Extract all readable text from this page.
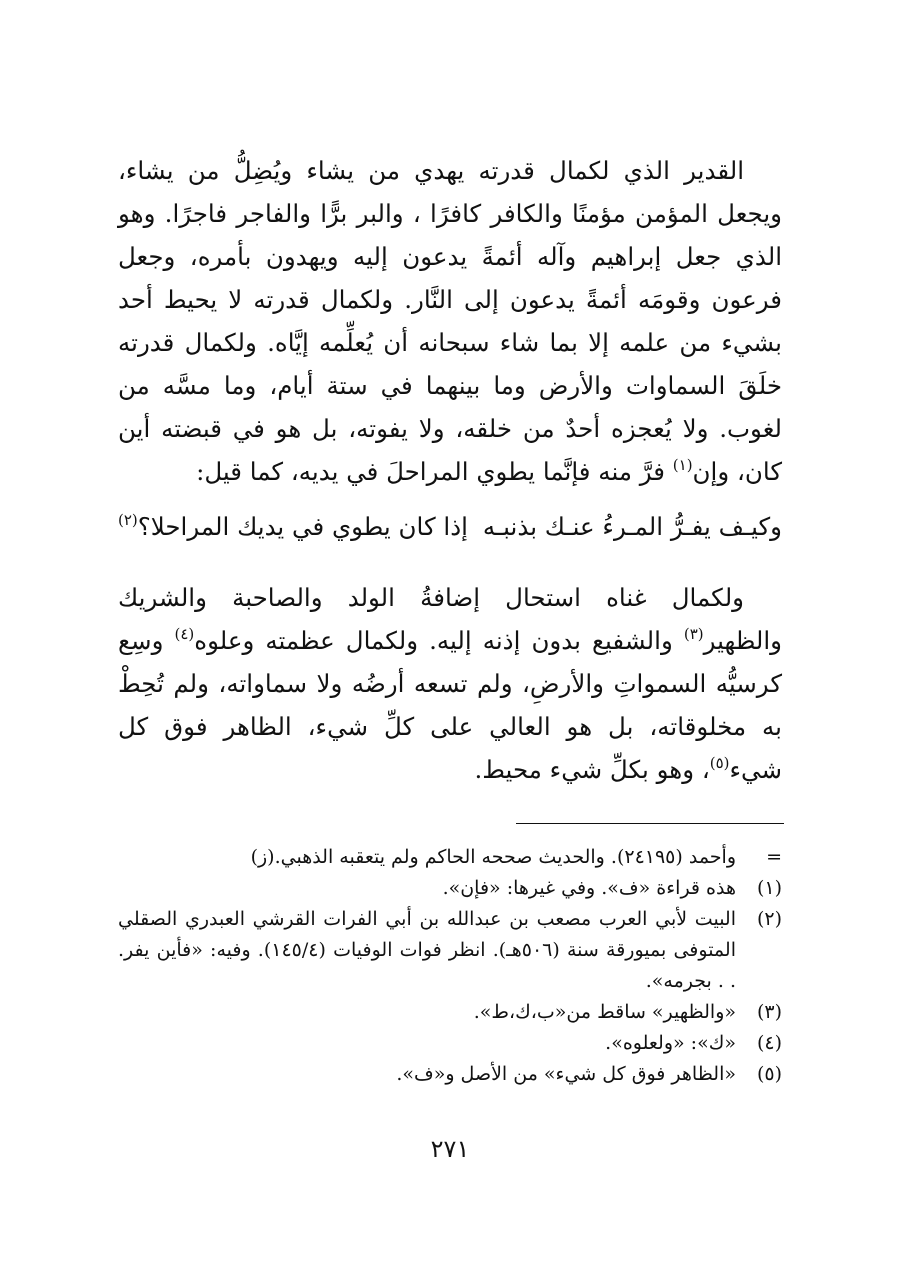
القدير الذي لكمال قدرته يهدي من يشاء ويُضِلُّ من يشاء، ويجعل المؤمن مؤمنًا والكافر كافرًا ، والبر برًّا والفاجر فاجرًا. وهو الذي جعل إبراهيم وآله أئمةً يدعون إليه ويهدون بأمره، وجعل فرعون وقومَه أئمةً يدعون إلى النَّار. ولكمال قدرته لا يحيط أحد بشيء من علمه إلا بما شاء سبحانه أن يُعلِّمه إيَّاه. ولكمال قدرته خلَقَ السماوات والأرض وما بينهما في ستة أيام، وما مسَّه من لغوب. ولا يُعجزه أحدٌ من خلقه، ولا يفوته، بل هو في قبضته أين كان، وإن$^{(١)}$ فرَّ منه فإنَّما يطوي المراحلَ في يديه، كما قيل:

وكيـف يفـرُّ المـرءُ عنـك بذنبـه
إذا كان يطوي في يديك المراحلا؟$^{(٢)}$

ولكمال غناه استحال إضافةُ الولد والصاحبة والشريك والظهير$^{(٣)}$ والشفيع بدون إذنه إليه. ولكمال عظمته وعلوه$^{(٤)}$ وسِع كرسيُّه السمواتِ والأرضِ، ولم تسعه أرضُه ولا سماواته، ولم تُحِطْ به مخلوقاته، بل هو العالي على كلِّ شيء، الظاهر فوق كل شيء$^{(٥)}$، وهو بكلِّ شيء محيط.

=
وأحمد (٢٤١٩٥). والحديث صححه الحاكم ولم يتعقبه الذهبي.(ز)
(١)
هذه قراءة «ف». وفي غيرها: «فإن».
(٢)
البيت لأبي العرب مصعب بن عبدالله بن أبي الفرات القرشي العبدري الصقلي المتوفى بميورقة سنة (٥٠٦هـ). انظر فوات الوفيات (١٤٥/٤). وفيه: «فأين يفر. . . بجرمه».
(٣)
«والظهير» ساقط من«ب،ك،ط».
(٤)
«ك»: «ولعلوه».
(٥)
«الظاهر فوق كل شيء» من الأصل و«ف».
٢٧١
